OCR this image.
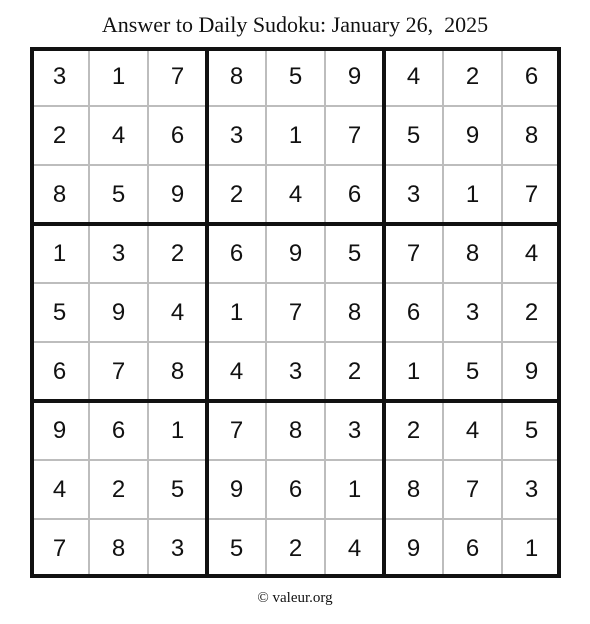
Answer to Daily Sudoku: January 26,  2025
3	1	7	8	5	9	4	2	6
2	4	6	3	1	7	5	9	8
8	5	9	2	4	6	3	1	7
1	3	2	6	9	5	7	8	4
5	9	4	1	7	8	6	3	2
6	7	8	4	3	2	1	5	9
9	6	1	7	8	3	2	4	5
4	2	5	9	6	1	8	7	3
7	8	3	5	2	4	9	6	1
© valeur.org
